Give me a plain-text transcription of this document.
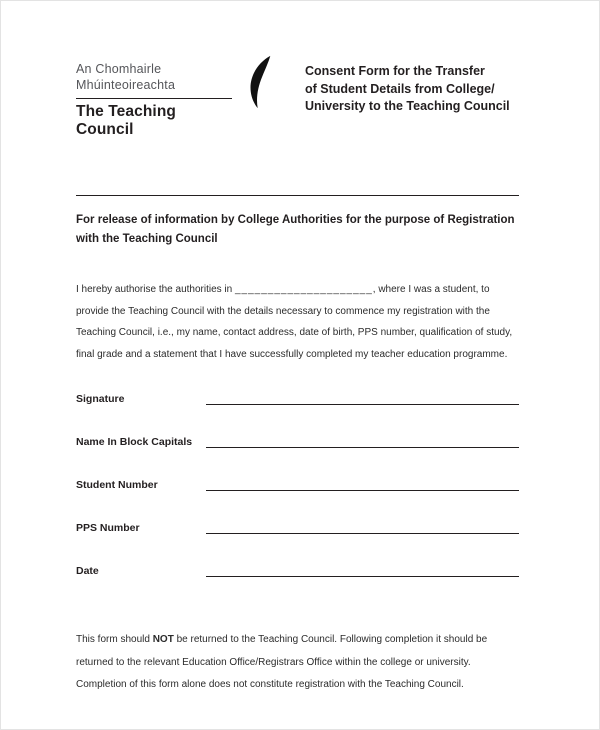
An Chomhairle
Mhúinteoireachta
The Teaching Council
Consent Form for the Transfer
of Student Details from College/
University to the Teaching Council
For release of information by College Authorities for the purpose of Registration
with the Teaching Council

I hereby authorise the authorities in _____________________, where I was a student, to provide the Teaching Council with the details necessary to commence my registration with the Teaching Council, i.e., my name, contact address, date of birth, PPS number, qualification of study, final grade and a statement that I have successfully completed my teacher education programme.

Signature
Name In Block Capitals
Student Number
PPS Number
Date

This form should NOT be returned to the Teaching Council. Following completion it should be returned to the relevant Education Office/Registrars Office within the college or university. Completion of this form alone does not constitute registration with the Teaching Council.
